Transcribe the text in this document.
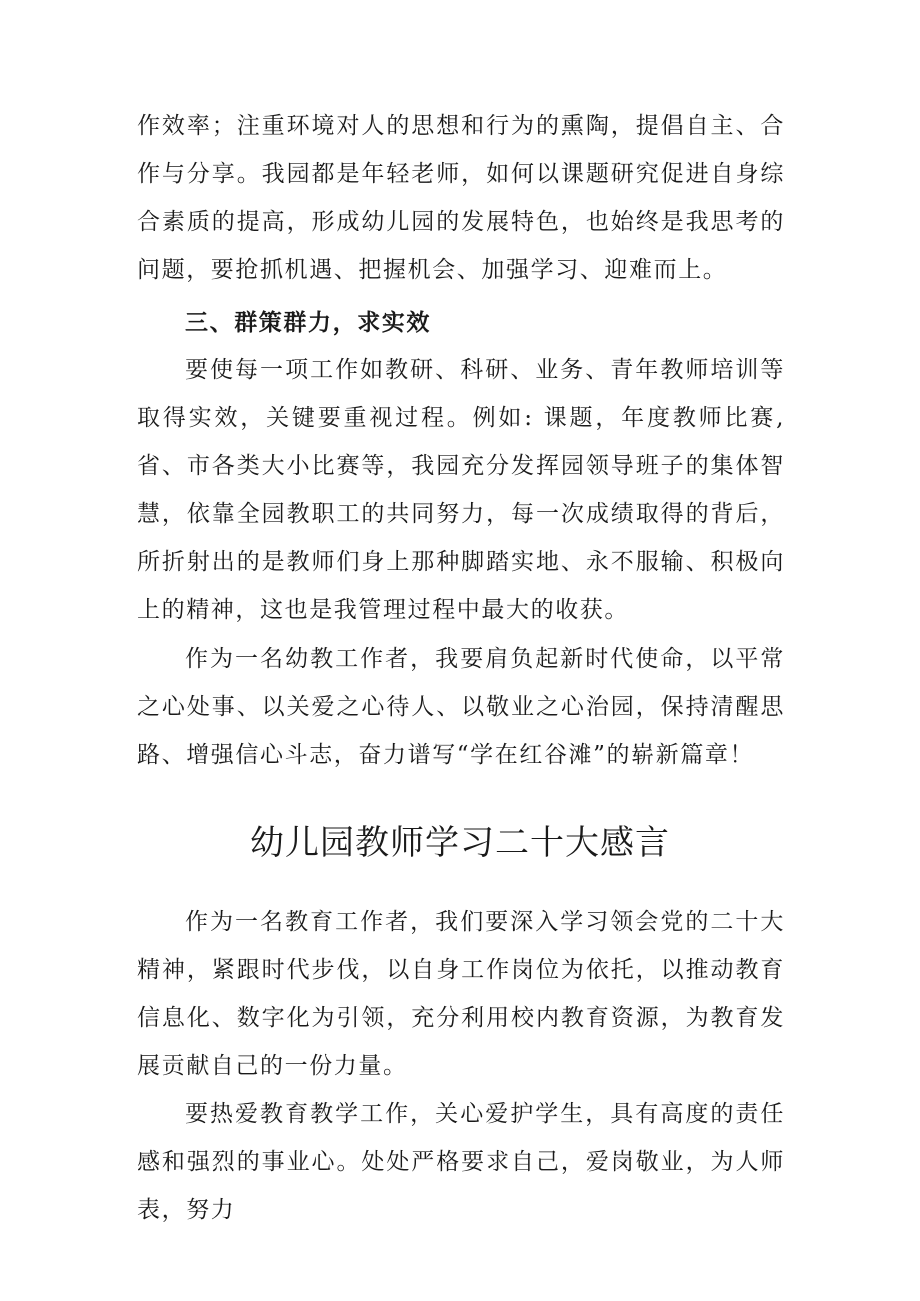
作效率；注重环境对人的思想和行为的熏陶，提倡自主、合作与分享。我园都是年轻老师，如何以课题研究促进自身综合素质的提高，形成幼儿园的发展特色，也始终是我思考的问题，要抢抓机遇、把握机会、加强学习、迎难而上。

三、群策群力，求实效

要使每一项工作如教研、科研、业务、青年教师培训等取得实效，关键要重视过程。例如: 课题，年度教师比赛,省、市各类大小比赛等，我园充分发挥园领导班子的集体智慧，依靠全园教职工的共同努力，每一次成绩取得的背后，所折射出的是教师们身上那种脚踏实地、永不服输、积极向上的精神，这也是我管理过程中最大的收获。

作为一名幼教工作者，我要肩负起新时代使命，以平常之心处事、以关爱之心待人、以敬业之心治园，保持清醒思路、增强信心斗志，奋力谱写“学在红谷滩”的崭新篇章！

幼儿园教师学习二十大感言

作为一名教育工作者，我们要深入学习领会党的二十大精神，紧跟时代步伐，以自身工作岗位为依托，以推动教育信息化、数字化为引领，充分利用校内教育资源，为教育发展贡献自己的一份力量。

要热爱教育教学工作，关心爱护学生，具有高度的责任感和强烈的事业心。处处严格要求自己，爱岗敬业，为人师表，努力
